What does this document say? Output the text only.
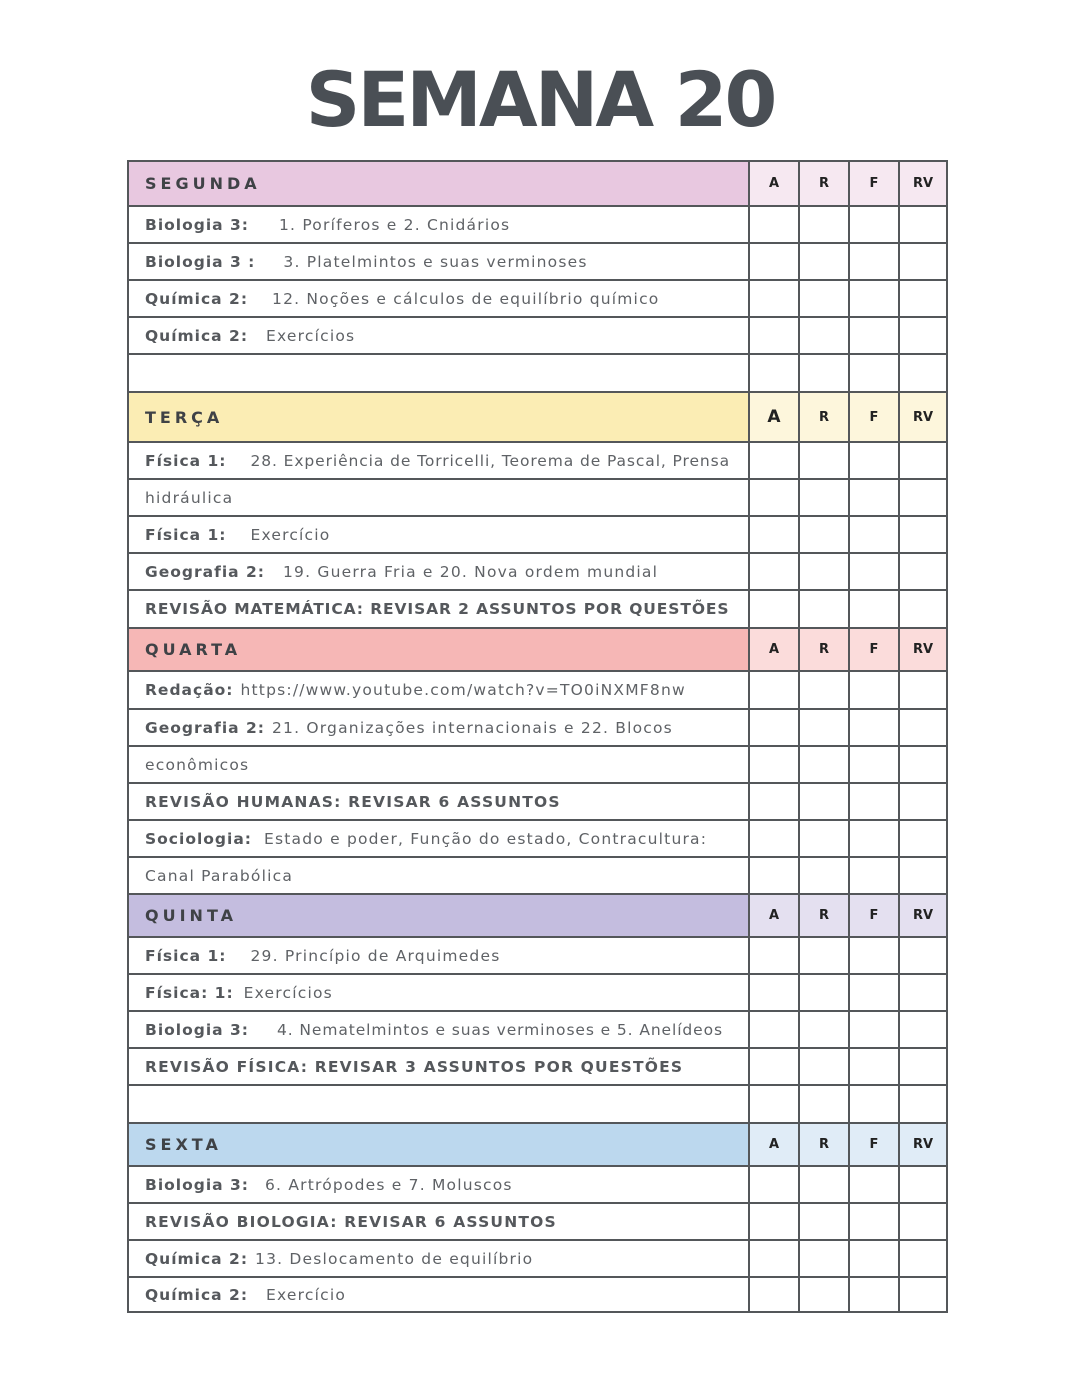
SEMANA 20
SEGUNDA	A	R	F	RV
Biologia 3: 1. Poríferos e 2. Cnidários
Biologia 3 : 3. Platelmintos e suas verminoses
Química 2: 12. Noções e cálculos de equilíbrio químico
Química 2: Exercícios
TERÇA	A	R	F	RV
Física 1: 28. Experiência de Torricelli, Teorema de Pascal, Prensa
hidráulica
Física 1: Exercício
Geografia 2: 19. Guerra Fria e 20. Nova ordem mundial
REVISÃO MATEMÁTICA: REVISAR 2 ASSUNTOS POR QUESTÕES
QUARTA	A	R	F	RV
Redação: https://www.youtube.com/watch?v=TO0iNXMF8nw
Geografia 2: 21. Organizações internacionais e 22. Blocos
econômicos
REVISÃO HUMANAS: REVISAR 6 ASSUNTOS
Sociologia: Estado e poder, Função do estado, Contracultura:
Canal Parabólica
QUINTA	A	R	F	RV
Física 1: 29. Princípio de Arquimedes
Física: 1: Exercícios
Biologia 3: 4. Nematelmintos e suas verminoses e 5. Anelídeos
REVISÃO FÍSICA: REVISAR 3 ASSUNTOS POR QUESTÕES
SEXTA	A	R	F	RV
Biologia 3: 6. Artrópodes e 7. Moluscos
REVISÃO BIOLOGIA: REVISAR 6 ASSUNTOS
Química 2: 13. Deslocamento de equilíbrio
Química 2: Exercício
